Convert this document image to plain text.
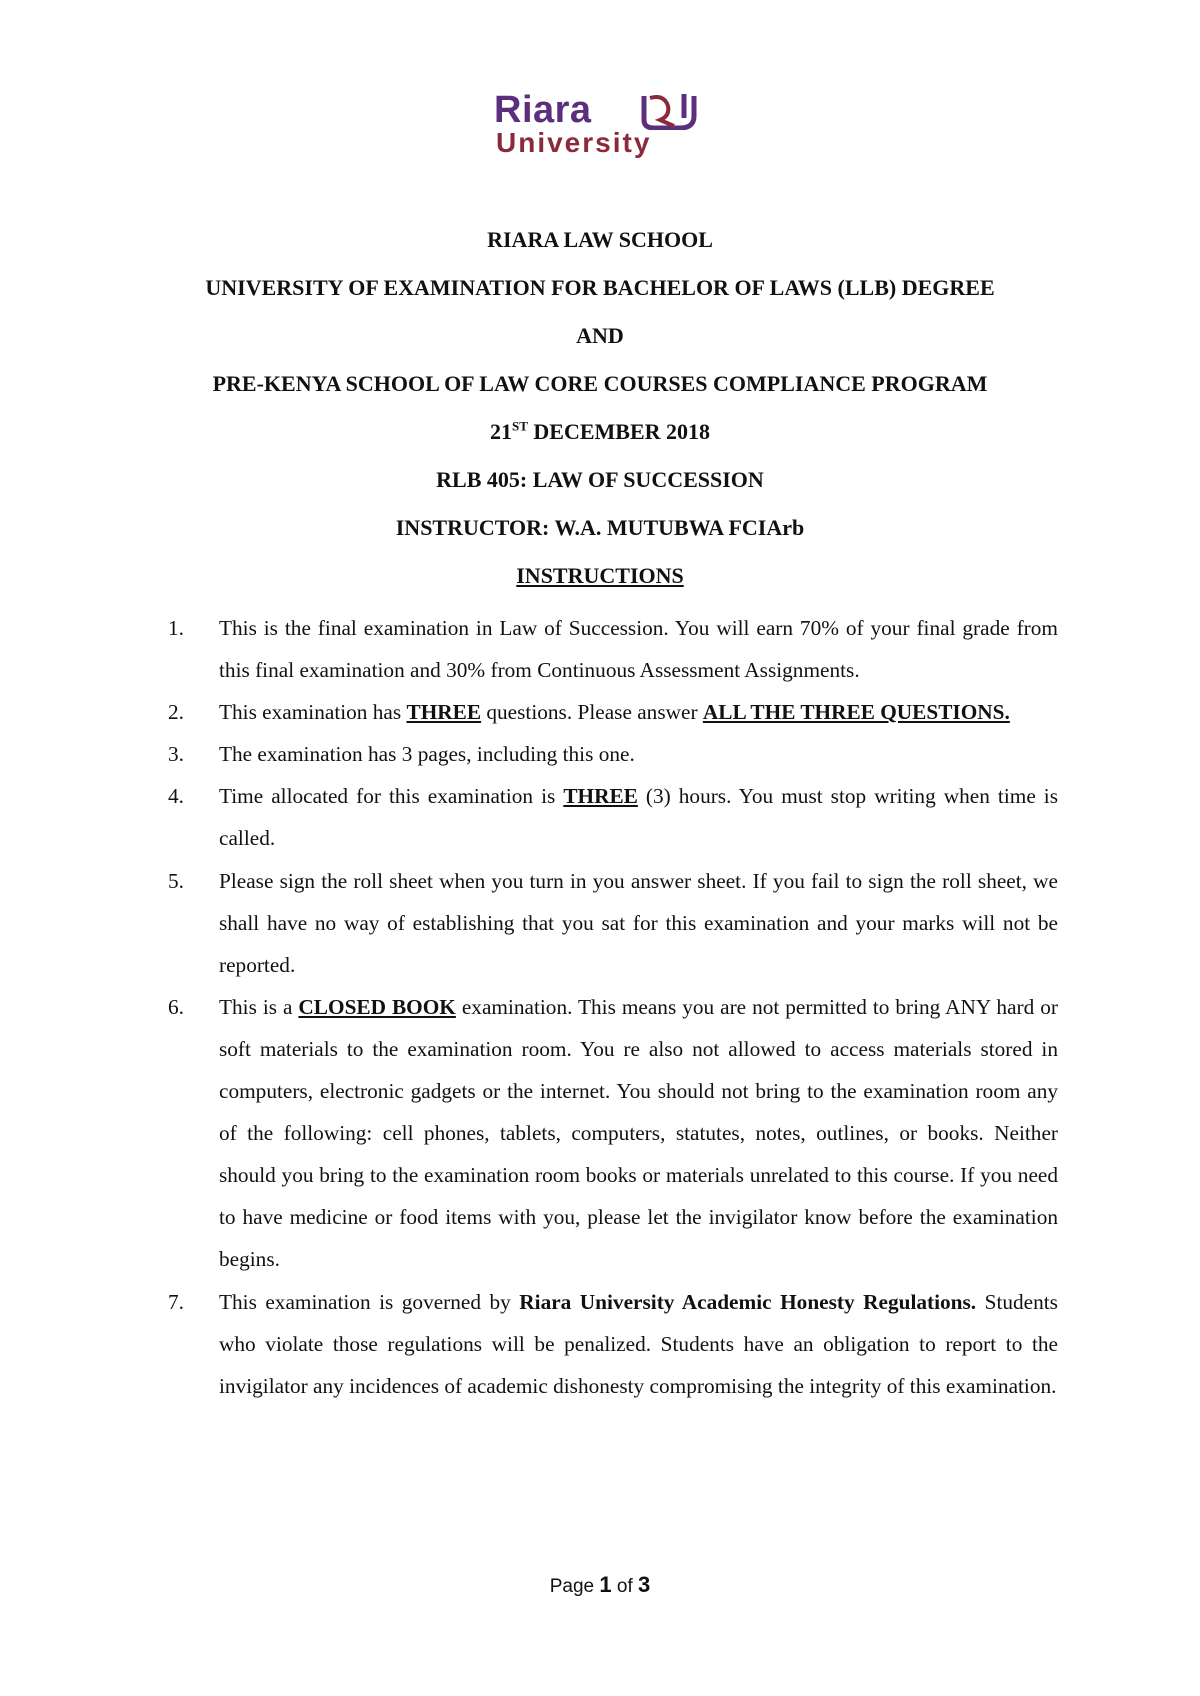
Riara
University
RIARA LAW SCHOOL
UNIVERSITY OF EXAMINATION FOR BACHELOR OF LAWS (LLB) DEGREE
AND
PRE-KENYA SCHOOL OF LAW CORE COURSES COMPLIANCE PROGRAM
21ST DECEMBER 2018
RLB 405: LAW OF SUCCESSION
INSTRUCTOR: W.A. MUTUBWA FCIArb
INSTRUCTIONS
1. This is the final examination in Law of Succession. You will earn 70% of your final grade from this final examination and 30% from Continuous Assessment Assignments.
2. This examination has THREE questions. Please answer ALL THE THREE QUESTIONS.
3. The examination has 3 pages, including this one.
4. Time allocated for this examination is THREE (3) hours. You must stop writing when time is called.
5. Please sign the roll sheet when you turn in you answer sheet. If you fail to sign the roll sheet, we shall have no way of establishing that you sat for this examination and your marks will not be reported.
6. This is a CLOSED BOOK examination. This means you are not permitted to bring ANY hard or soft materials to the examination room. You re also not allowed to access materials stored in computers, electronic gadgets or the internet. You should not bring to the examination room any of the following: cell phones, tablets, computers, statutes, notes, outlines, or books. Neither should you bring to the examination room books or materials unrelated to this course. If you need to have medicine or food items with you, please let the invigilator know before the examination begins.
7. This examination is governed by Riara University Academic Honesty Regulations. Students who violate those regulations will be penalized. Students have an obligation to report to the invigilator any incidences of academic dishonesty compromising the integrity of this examination.
Page 1 of 3
